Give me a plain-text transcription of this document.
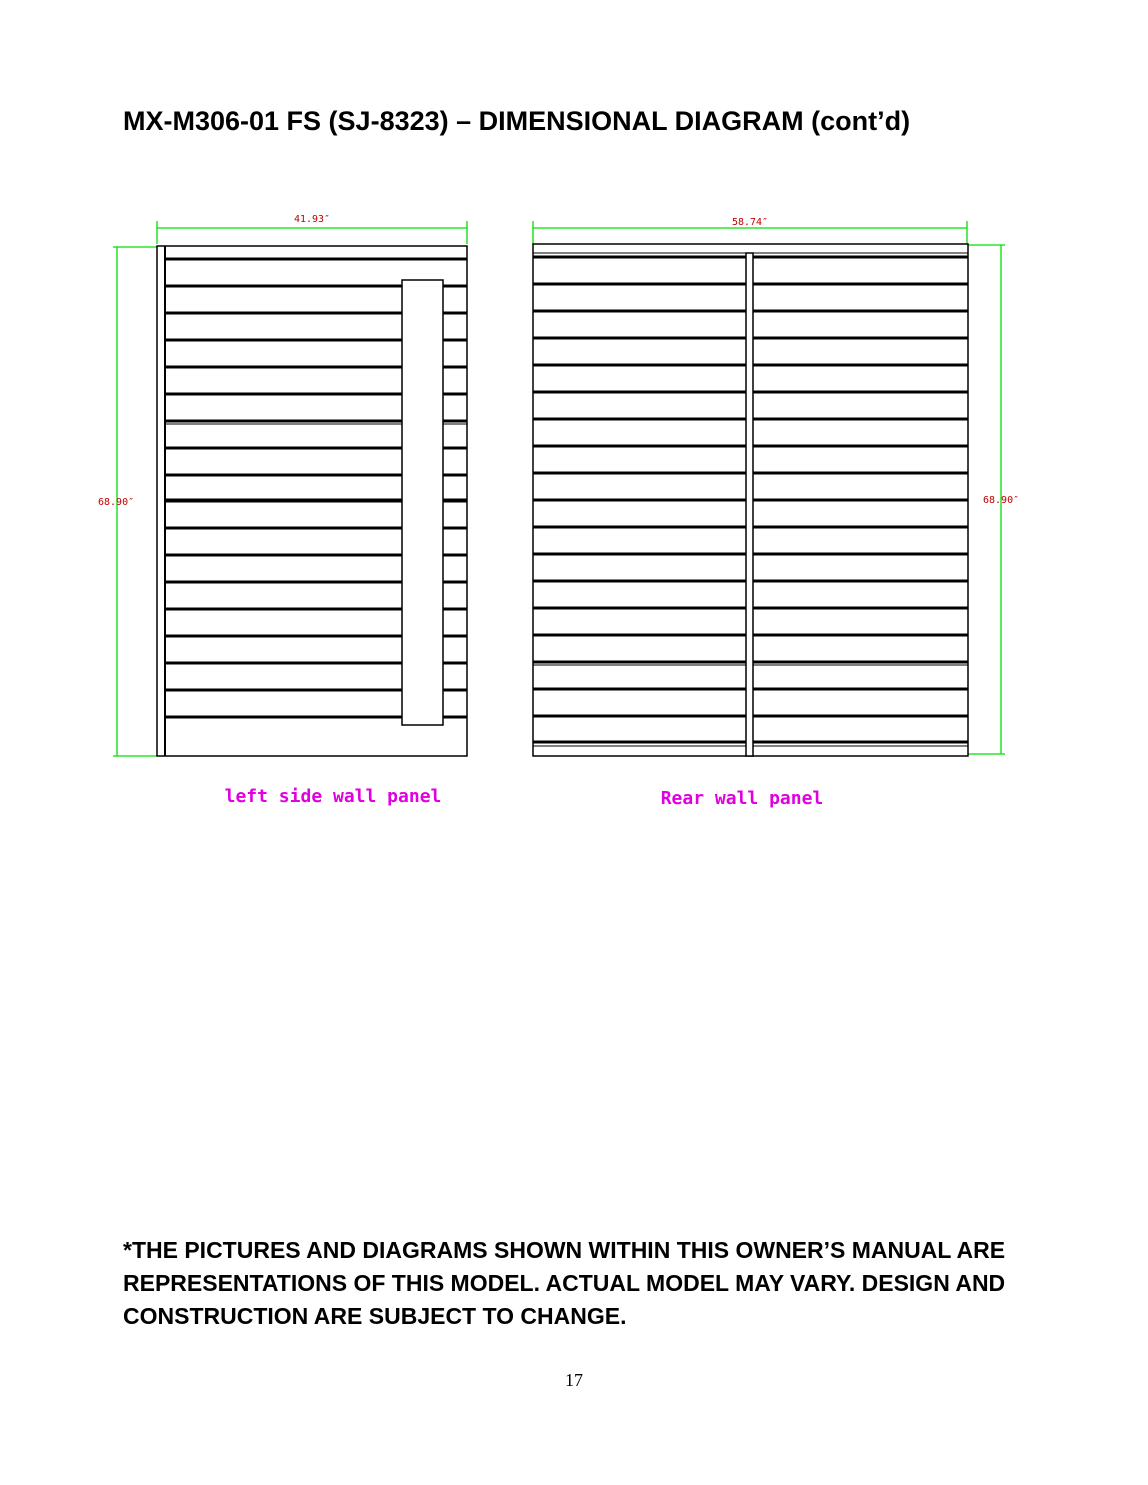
MX-M306-01 FS (SJ-8323) – DIMENSIONAL DIAGRAM (cont’d)
41.93″
68.90″
left side wall panel
58.74″
68.90″
Rear wall panel
*THE PICTURES AND DIAGRAMS SHOWN WITHIN THIS OWNER’S MANUAL ARE REPRESENTATIONS OF THIS MODEL. ACTUAL MODEL MAY VARY. DESIGN AND CONSTRUCTION ARE SUBJECT TO CHANGE.
17
